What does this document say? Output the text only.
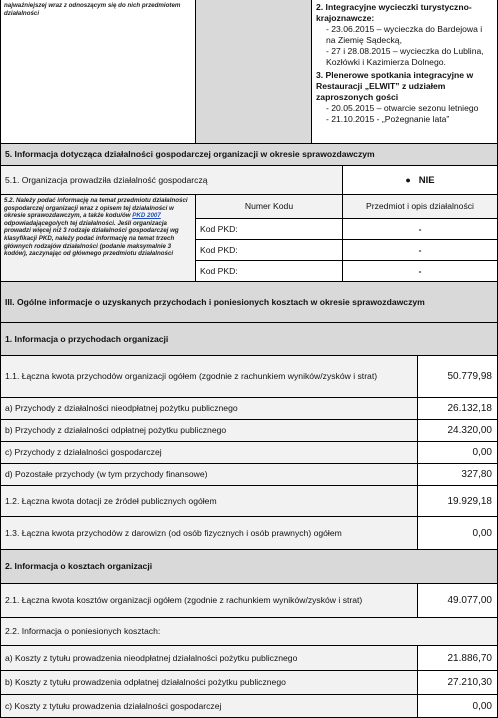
najważniejszej wraz z odnoszącym się do nich przedmiotem działalności
2. Integracyjne wycieczki turystyczno-krajoznawcze:
- 23.06.2015 – wycieczka do Bardejowa i na Ziemię Sądecką,
- 27 i 28.08.2015 – wycieczka do Lublina, Kozłówki i Kazimierza Dolnego.
3. Plenerowe spotkania integracyjne w Restauracji „ELWIT” z udziałem zaproszonych gości
- 20.05.2015 – otwarcie sezonu letniego
- 21.10.2015 - „Pożegnanie lata”
5. Informacja dotycząca działalności gospodarczej organizacji w okresie sprawozdawczym
5.1. Organizacja prowadziła działalność gospodarczą	● NIE
5.2. Należy podać informację na temat przedmiotu działalności gospodarczej organizacji wraz z opisem tej działalności w okresie sprawozdawczym, a także kodu/ów PKD 2007 odpowiadającego/ych tej działalności. Jeśli organizacja prowadzi więcej niż 3 rodzaje działalności gospodarczej wg klasyfikacji PKD, należy podać informację na temat trzech głównych rodzajów działalności (podanie maksymalnie 3 kodów), zaczynając od głównego przedmiotu działalności
Numer Kodu	Przedmiot i opis działalności
Kod PKD:	-
Kod PKD:	-
Kod PKD:	-
III. Ogólne informacje o uzyskanych przychodach i poniesionych kosztach w okresie sprawozdawczym
1. Informacja o przychodach organizacji
1.1. Łączna kwota przychodów organizacji ogółem (zgodnie z rachunkiem wyników/zysków i strat)	50.779,98
a) Przychody z działalności nieodpłatnej pożytku publicznego	26.132,18
b) Przychody z działalności odpłatnej pożytku publicznego	24.320,00
c) Przychody z działalności gospodarczej	0,00
d) Pozostałe przychody (w tym przychody finansowe)	327,80
1.2. Łączna kwota dotacji ze źródeł publicznych ogółem	19.929,18
1.3. Łączna kwota przychodów z darowizn (od osób fizycznych i osób prawnych) ogółem	0,00
2. Informacja o kosztach organizacji
2.1. Łączna kwota kosztów organizacji ogółem (zgodnie z rachunkiem wyników/zysków i strat)	49.077,00
2.2. Informacja o poniesionych kosztach:
a) Koszty z tytułu prowadzenia nieodpłatnej działalności pożytku publicznego	21.886,70
b) Koszty z tytułu prowadzenia odpłatnej działalności pożytku publicznego	27.210,30
c) Koszty z tytułu prowadzenia działalności gospodarczej	0,00
